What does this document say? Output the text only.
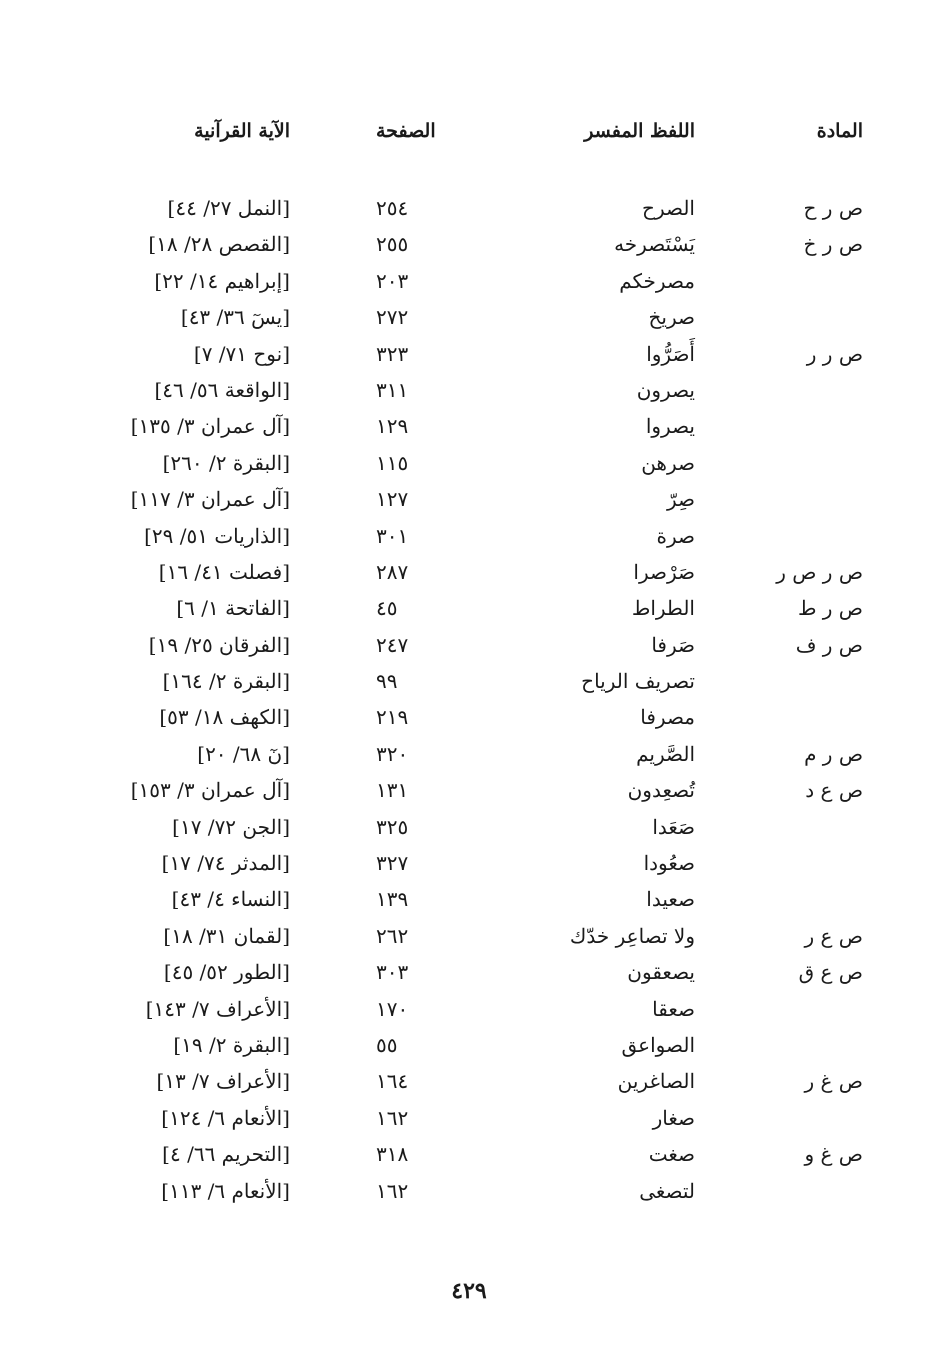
المادة
اللفظ المفسر
الصفحة
الآية القرآنية
ص ر ح
الصرح
٢٥٤
[النمل ٢٧/ ٤٤]
ص ر خ
يَسْتَصرخه
٢٥٥
[القصص ٢٨/ ١٨]
مصرخكم
٢٠٣
[إبراهيم ١٤/ ٢٢]
صريخ
٢٧٢
[يسٓ ٣٦/ ٤٣]
ص ر ر
أَصَرُّوا
٣٢٣
[نوح ٧١/ ٧]
يصرون
٣١١
[الواقعة ٥٦/ ٤٦]
يصروا
١٢٩
[آل عمران ٣/ ١٣٥]
صرهن
١١٥
[البقرة ٢/ ٢٦٠]
صِرّ
١٢٧
[آل عمران ٣/ ١١٧]
صرة
٣٠١
[الذاريات ٥١/ ٢٩]
ص ر ص ر
صَرْصرا
٢٨٧
[فصلت ٤١/ ١٦]
ص ر ط
الطراط
٤٥
[الفاتحة ١/ ٦]
ص ر ف
صَرفا
٢٤٧
[الفرقان ٢٥/ ١٩]
تصريف الرياح
٩٩
[البقرة ٢/ ١٦٤]
مصرفا
٢١٩
[الكهف ١٨/ ٥٣]
ص ر م
الصَّريم
٣٢٠
[نٓ ٦٨/ ٢٠]
ص ع د
تُصعِدون
١٣١
[آل عمران ٣/ ١٥٣]
صَعَدا
٣٢٥
[الجن ٧٢/ ١٧]
صعُودا
٣٢٧
[المدثر ٧٤/ ١٧]
صعيدا
١٣٩
[النساء ٤/ ٤٣]
ص ع ر
ولا تصاعِر خدّك
٢٦٢
[لقمان ٣١/ ١٨]
ص ع ق
يصعقون
٣٠٣
[الطور ٥٢/ ٤٥]
صعقا
١٧٠
[الأعراف ٧/ ١٤٣]
الصواعق
٥٥
[البقرة ٢/ ١٩]
ص غ ر
الصاغرين
١٦٤
[الأعراف ٧/ ١٣]
صغار
١٦٢
[الأنعام ٦/ ١٢٤]
ص غ و
صغت
٣١٨
[التحريم ٦٦/ ٤]
لتصغى
١٦٢
[الأنعام ٦/ ١١٣]
٤٢٩
